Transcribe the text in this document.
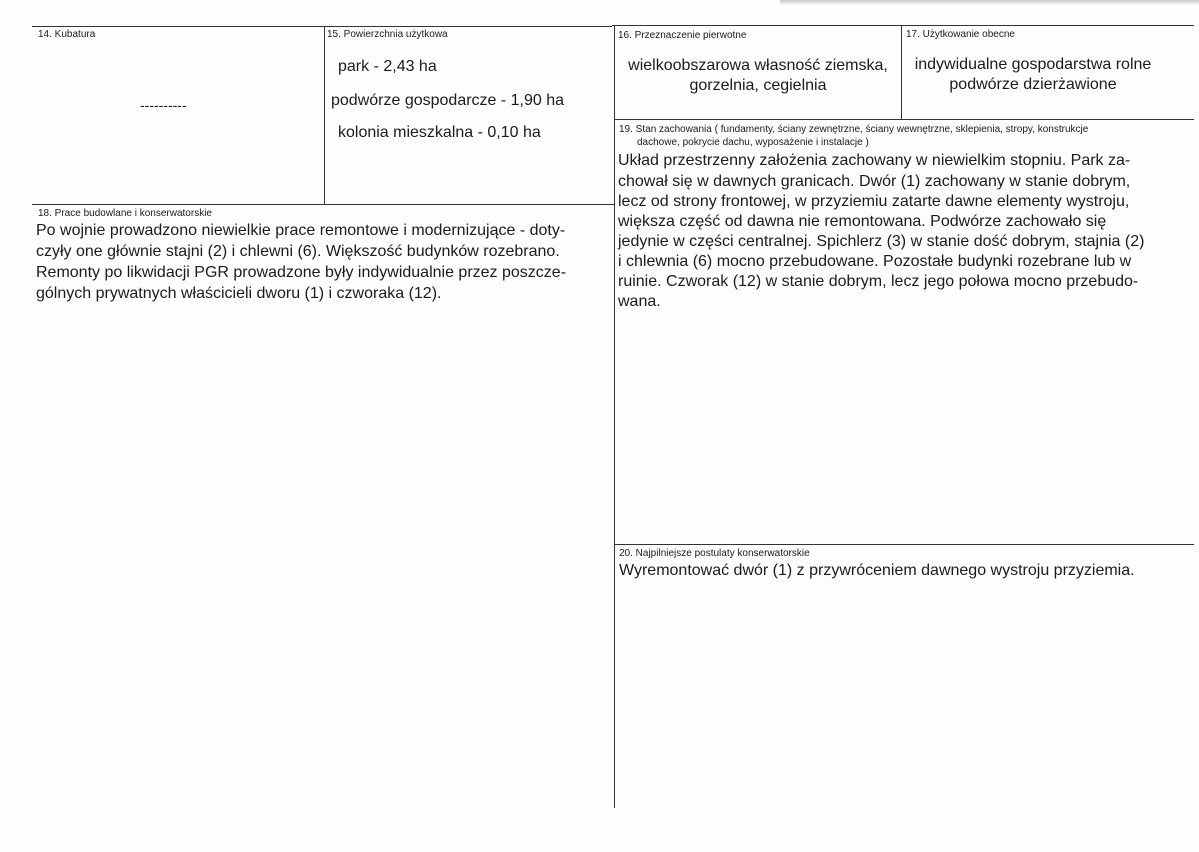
14. Kubatura
----------
15. Powierzchnia użytkowa
park - 2,43 ha
podwórze gospodarcze - 1,90 ha
kolonia mieszkalna - 0,10 ha
16. Przeznaczenie pierwotne
wielkoobszarowa własność ziemska,
gorzelnia, cegielnia
17. Użytkowanie obecne
indywidualne gospodarstwa rolne
podwórze dzierżawione
18. Prace budowlane i konserwatorskie
Po wojnie prowadzono niewielkie prace remontowe i modernizujące - doty-
czyły one głównie stajni (2) i chlewni (6). Większość budynków rozebrano.
Remonty po likwidacji PGR prowadzone były indywidualnie przez poszcze-
gólnych prywatnych właścicieli dworu (1) i czworaka (12).
19. Stan zachowania ( fundamenty, ściany zewnętrzne, ściany wewnętrzne, sklepienia, stropy, konstrukcje
dachowe, pokrycie dachu, wyposażenie i instalacje )
Układ przestrzenny założenia zachowany w niewielkim stopniu. Park za-
chował się w dawnych granicach. Dwór (1) zachowany w stanie dobrym,
lecz od strony frontowej, w przyziemiu zatarte dawne elementy wystroju,
większa część od dawna nie remontowana. Podwórze zachowało się
jedynie w części centralnej. Spichlerz (3) w stanie dość dobrym, stajnia (2)
i chlewnia (6) mocno przebudowane. Pozostałe budynki rozebrane lub w
ruinie. Czworak (12) w stanie dobrym, lecz jego połowa mocno przebudo-
wana.
20. Najpilniejsze postulaty konserwatorskie
Wyremontować dwór (1) z przywróceniem dawnego wystroju przyziemia.
